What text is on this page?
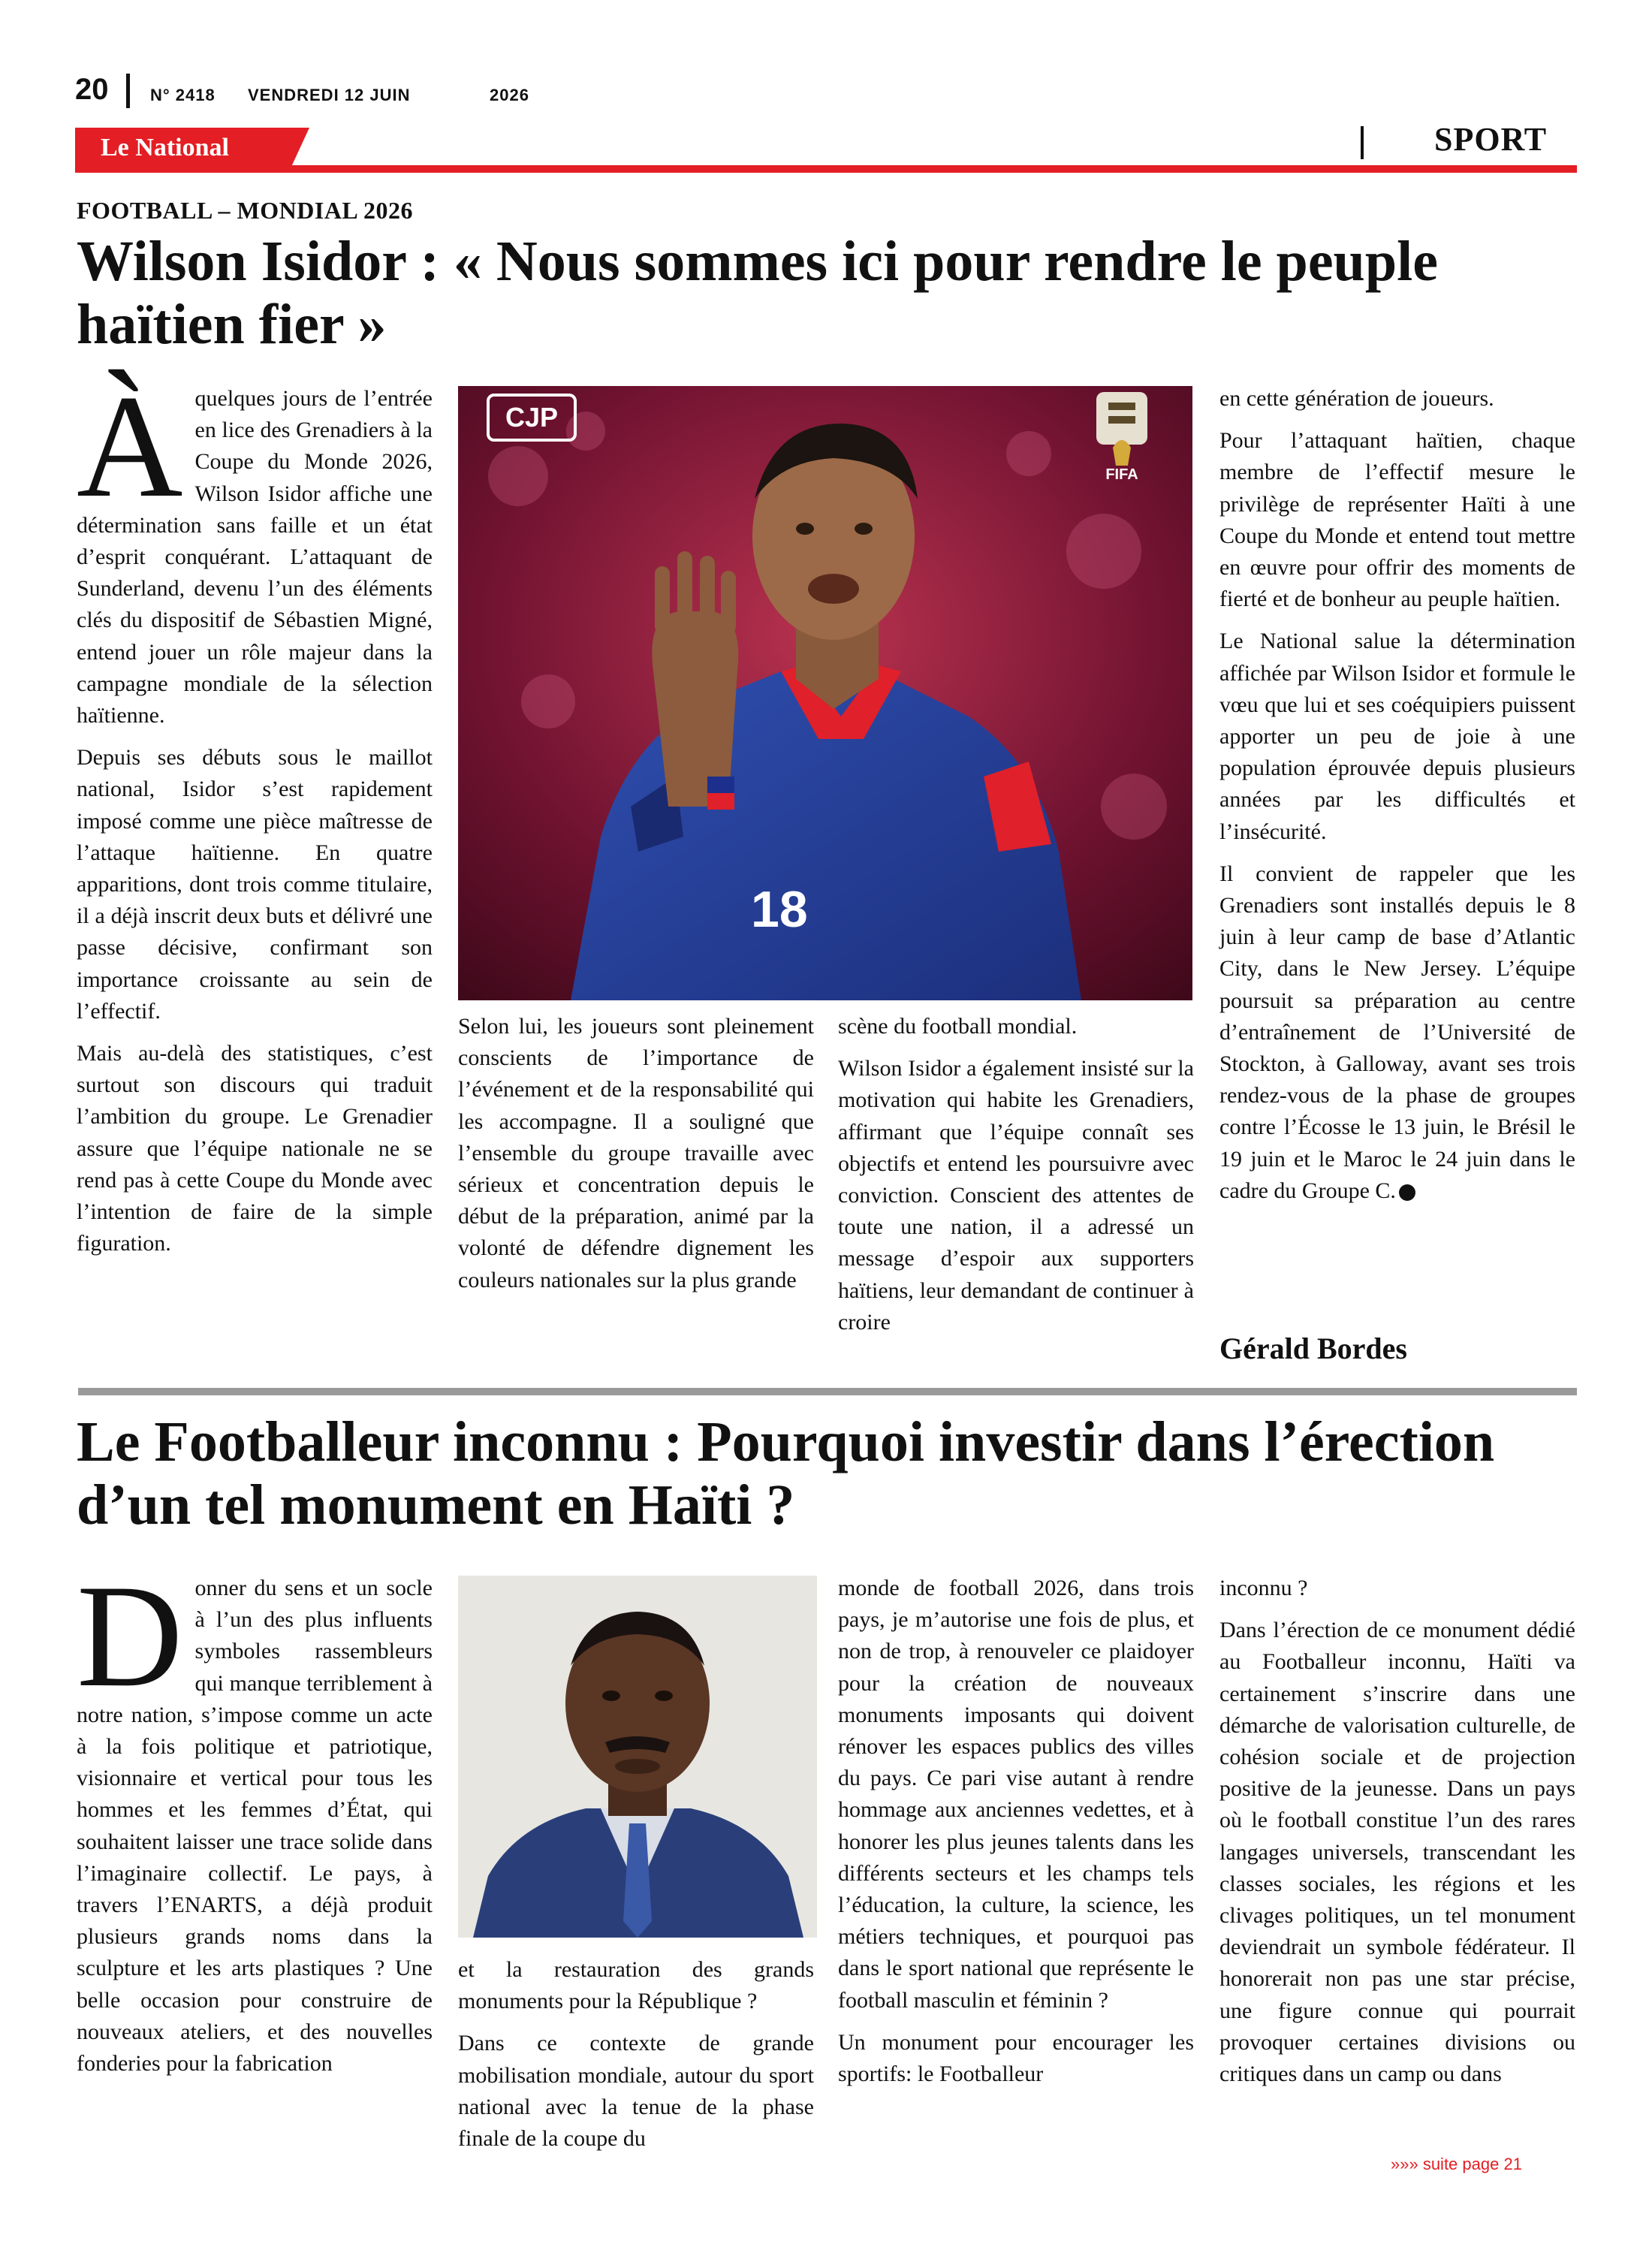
20	N° 2418 VENDREDI 12 JUIN	2026
Le National	SPORT
FOOTBALL – MONDIAL 2026
Wilson Isidor : « Nous sommes ici pour rendre le peuple haïtien fier »

Àquelques jours de l’entrée en lice des Grenadiers à la Coupe du Monde 2026, Wilson Isidor affiche une détermination sans faille et un état d’esprit conquérant. L’attaquant de Sunderland, devenu l’un des éléments clés du dispositif de Sébastien Migné, entend jouer un rôle majeur dans la campagne mondiale de la sélection haïtienne.

Depuis ses débuts sous le maillot national, Isidor s’est rapidement imposé comme une pièce maîtresse de l’attaque haïtienne. En quatre apparitions, dont trois comme titulaire, il a déjà inscrit deux buts et délivré une passe décisive, confirmant son importance croissante au sein de l’effectif.

Mais au-delà des statistiques, c’est surtout son discours qui traduit l’ambition du groupe. Le Grenadier assure que l’équipe nationale ne se rend pas à cette Coupe du Monde avec l’intention de faire de la simple figuration.

18
CJP
FIFA

Selon lui, les joueurs sont pleinement conscients de l’importance de l’événement et de la responsabilité qui les accompagne. Il a souligné que l’ensemble du groupe travaille avec sérieux et concentration depuis le début de la préparation, animé par la volonté de défendre dignement les couleurs nationales sur la plus grande

scène du football mondial.

Wilson Isidor a également insisté sur la motivation qui habite les Grenadiers, affirmant que l’équipe connaît ses objectifs et entend les poursuivre avec conviction. Conscient des attentes de toute une nation, il a adressé un message d’espoir aux supporters haïtiens, leur demandant de continuer à croire

en cette génération de joueurs.

Pour l’attaquant haïtien, chaque membre de l’effectif mesure le privilège de représenter Haïti à une Coupe du Monde et entend tout mettre en œuvre pour offrir des moments de fierté et de bonheur au peuple haïtien.

Le National salue la détermination affichée par Wilson Isidor et formule le vœu que lui et ses coéquipiers puissent apporter un peu de joie à une population éprouvée depuis plusieurs années par les difficultés et l’insécurité.

Il convient de rappeler que les Grenadiers sont installés depuis le 8 juin à leur camp de base d’Atlantic City, dans le New Jersey. L’équipe poursuit sa préparation au centre d’entraînement de l’Université de Stockton, à Galloway, avant ses trois rendez-vous de la phase de groupes contre l’Écosse le 13 juin, le Brésil le 19 juin et le Maroc le 24 juin dans le cadre du Groupe C.

Gérald Bordes
Le Footballeur inconnu : Pourquoi investir dans l’érection d’un tel monument en Haïti ?

Donner du sens et un socle à l’un des plus influents symboles rassembleurs qui manque terriblement à notre nation, s’impose comme un acte à la fois politique et patriotique, visionnaire et vertical pour tous les hommes et les femmes d’État, qui souhaitent laisser une trace solide dans l’imaginaire collectif. Le pays, à travers l’ENARTS, a déjà produit plusieurs grands noms dans la sculpture et les arts plastiques ? Une belle occasion pour construire de nouveaux ateliers, et des nouvelles fonderies pour la fabrication

et la restauration des grands monuments pour la République ?

Dans ce contexte de grande mobilisation mondiale, autour du sport national avec la tenue de la phase finale de la coupe du

monde de football 2026, dans trois pays, je m’autorise une fois de plus, et non de trop, à renouveler ce plaidoyer pour la création de nouveaux monuments imposants qui doivent rénover les espaces publics des villes du pays. Ce pari vise autant à rendre hommage aux anciennes vedettes, et à honorer les plus jeunes talents dans les différents secteurs et les champs tels l’éducation, la culture, la science, les métiers techniques, et pourquoi pas dans le sport national que représente le football masculin et féminin ?

Un monument pour encourager les sportifs: le Footballeur

inconnu ?

Dans l’érection de ce monument dédié au Footballeur inconnu, Haïti va certainement s’inscrire dans une démarche de valorisation culturelle, de cohésion sociale et de projection positive de la jeunesse. Dans un pays où le football constitue l’un des rares langages universels, transcendant les classes sociales, les régions et les clivages politiques, un tel monument deviendrait un symbole fédérateur. Il honorerait non pas une star précise, une figure connue qui pourrait provoquer certaines divisions ou critiques dans un camp ou dans

»»» suite page 21
